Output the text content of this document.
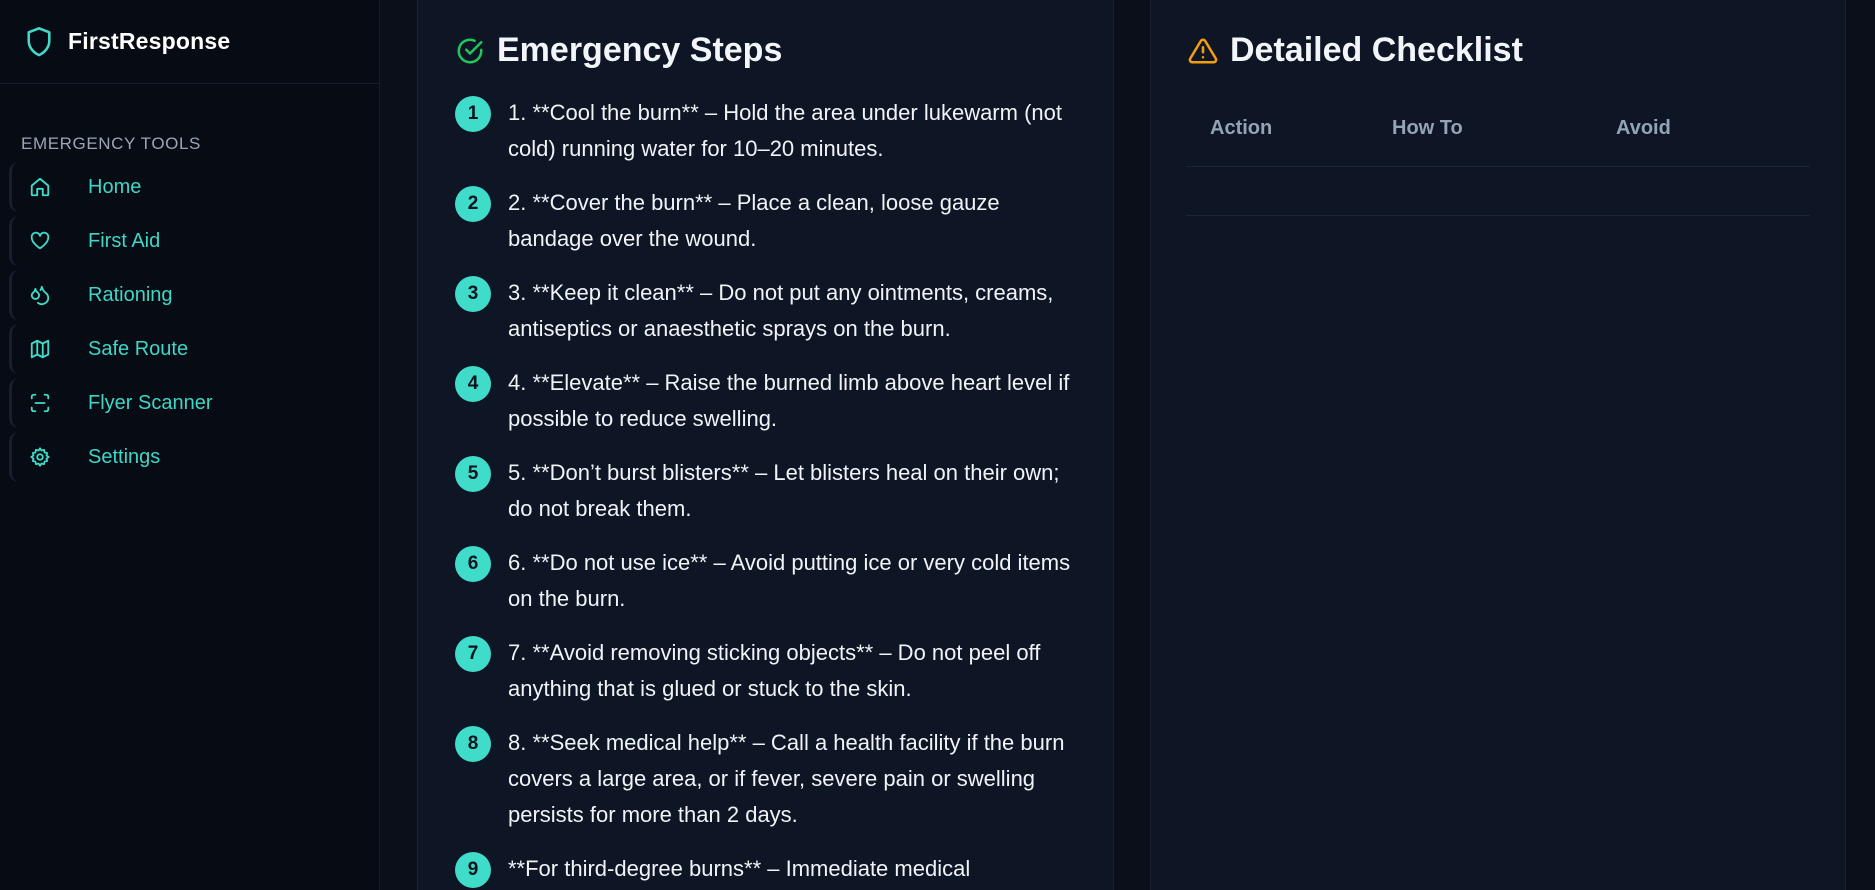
FirstResponse
EMERGENCY TOOLS
Home
First Aid
Rationing
Safe Route
Flyer Scanner
Settings
Emergency Steps
1	1. **Cool the burn** – Hold the area under lukewarm (not cold) running water for 10–20 minutes.
2	2. **Cover the burn** – Place a clean, loose gauze bandage over the wound.
3	3. **Keep it clean** – Do not put any ointments, creams, antiseptics or anaesthetic sprays on the burn.
4	4. **Elevate** – Raise the burned limb above heart level if possible to reduce swelling.
5	5. **Don’t burst blisters** – Let blisters heal on their own; do not break them.
6	6. **Do not use ice** – Avoid putting ice or very cold items on the burn.
7	7. **Avoid removing sticking objects** – Do not peel off anything that is glued or stuck to the skin.
8	8. **Seek medical help** – Call a health facility if the burn covers a large area, or if fever, severe pain or swelling persists for more than 2 days.
9	**For third-degree burns** – Immediate medical
Detailed Checklist
Action	How To	Avoid
